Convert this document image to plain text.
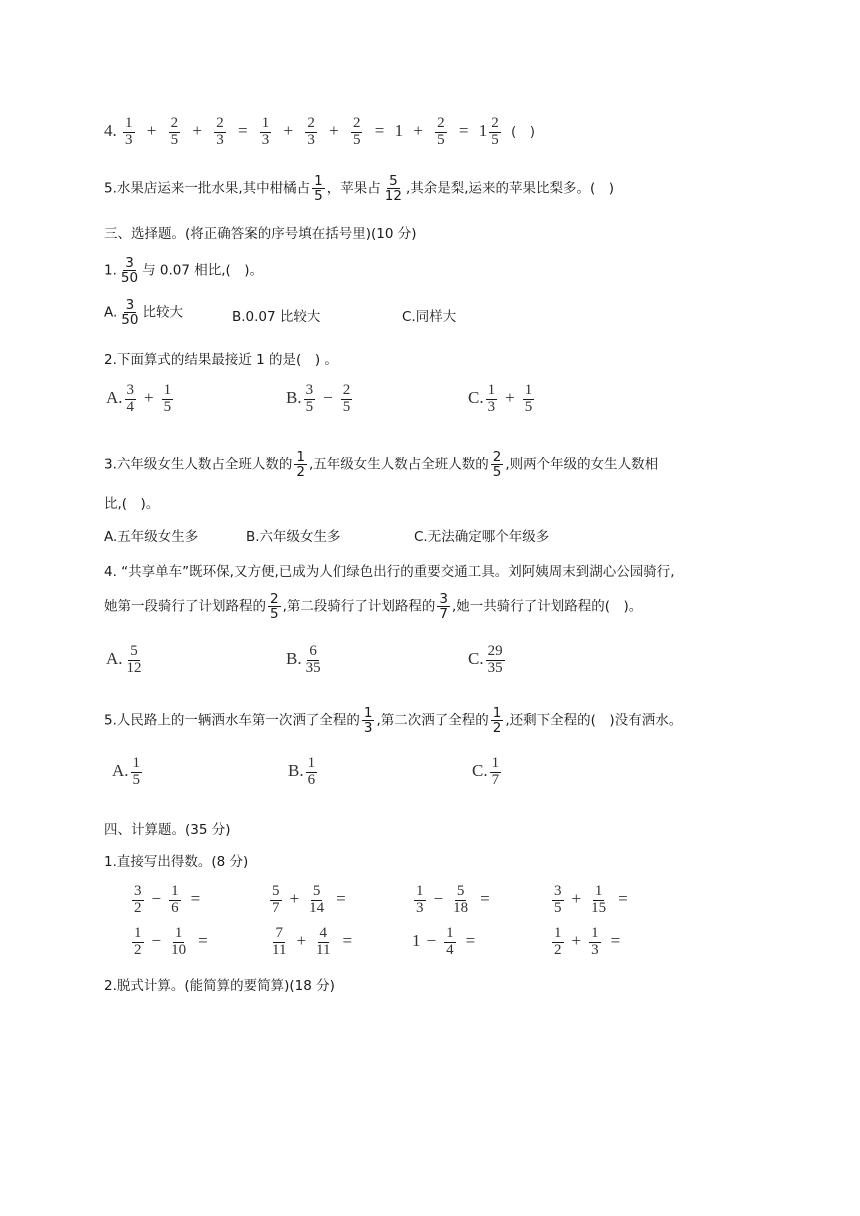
4. $\frac{1}{3} + \frac{2}{5} + \frac{2}{3} = \frac{1}{3} + \frac{2}{3} + \frac{2}{5} = 1 + \frac{2}{5} = 1 \frac{2}{5}$ (　)
5.水果店运来一批水果,其中柑橘占 $\frac{1}{5}$ ，苹果占 $\frac{5}{12}$ ,其余是梨,运来的苹果比梨多。(　)
三、选择题。(将正确答案的序号填在括号里)(10 分)
1. $\frac{3}{50}$ 与 0.07 相比,(　)。
A. $\frac{3}{50}$ 比较大	B.0.07 比较大	C.同样大
2.下面算式的结果最接近 1 的是(　) 。
A. $\frac{3}{4} + \frac{1}{5}$	B. $\frac{3}{5} - \frac{2}{5}$	C. $\frac{1}{3} + \frac{1}{5}$
3.六年级女生人数占全班人数的 $\frac{1}{2}$ ,五年级女生人数占全班人数的 $\frac{2}{5}$ ,则两个年级的女生人数相
比,(　)。
A.五年级女生多	B.六年级女生多	C.无法确定哪个年级多
4. “共享单车”既环保,又方便,已成为人们绿色出行的重要交通工具。刘阿姨周末到湖心公园骑行,
她第一段骑行了计划路程的 $\frac{2}{5}$ ,第二段骑行了计划路程的 $\frac{3}{7}$ ,她一共骑行了计划路程的(　)。
A. $\frac{5}{12}$	B. $\frac{6}{35}$	C. $\frac{29}{35}$
5.人民路上的一辆洒水车第一次洒了全程的 $\frac{1}{3}$ ,第二次洒了全程的 $\frac{1}{2}$ ,还剩下全程的(　)没有洒水。
A. $\frac{1}{5}$	B. $\frac{1}{6}$	C. $\frac{1}{7}$
四、计算题。(35 分)
1.直接写出得数。(8 分)
$\frac{3}{2} - \frac{1}{6}$ =	$\frac{5}{7} + \frac{5}{14}$ =	$\frac{1}{3} - \frac{5}{18}$ =	$\frac{3}{5} + \frac{1}{15}$ =
$\frac{1}{2} - \frac{1}{10}$ =	$\frac{7}{11} + \frac{4}{11}$ =	$1 - \frac{1}{4}$ =	$\frac{1}{2} + \frac{1}{3}$ =
2.脱式计算。(能简算的要简算)(18 分)
